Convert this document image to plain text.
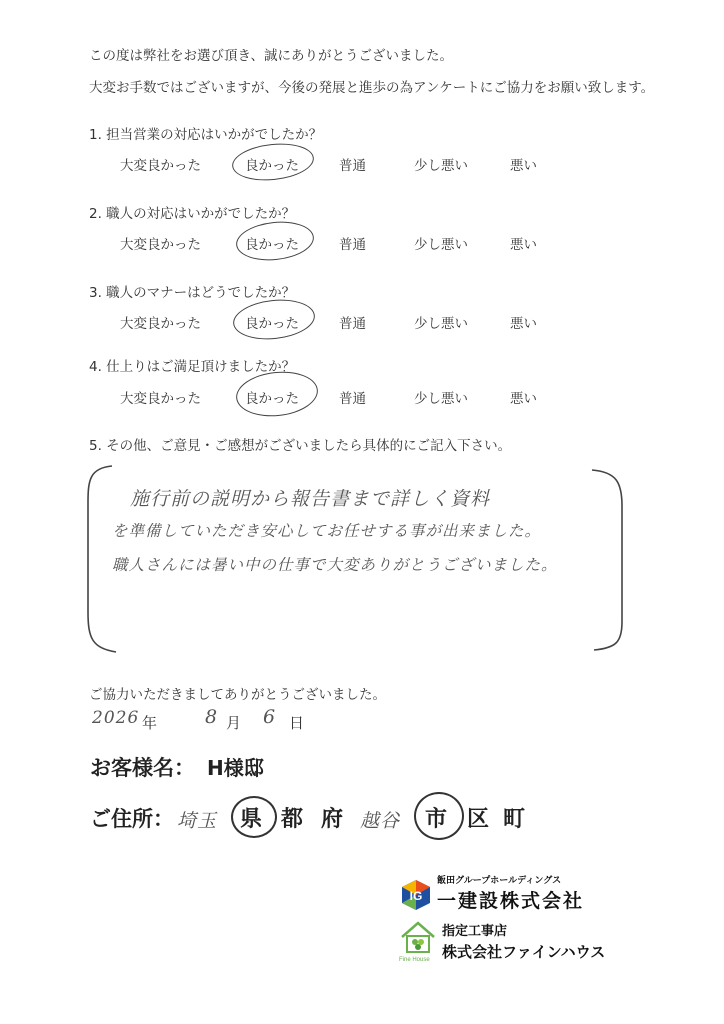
この度は弊社をお選び頂き、誠にありがとうございました。
大変お手数ではございますが、今後の発展と進歩の為アンケートにご協力をお願い致します。
1. 担当営業の対応はいかがでしたか？
大変良かった	良かった	普通	少し悪い	悪い
2. 職人の対応はいかがでしたか？
大変良かった	良かった	普通	少し悪い	悪い
3. 職人のマナーはどうでしたか？
大変良かった	良かった	普通	少し悪い	悪い
4. 仕上りはご満足頂けましたか？
大変良かった	良かった	普通	少し悪い	悪い
5. その他、ご意見・ご感想がございましたら具体的にご記入下さい。
施行前の説明から報告書まで詳しく資料
を準備していただき安心してお任せする事が出来ました。
職人さんには暑い中の仕事で大変ありがとうございました。
ご協力いただきましてありがとうございました。
2026 年	8 月 6 日
お客様名： H様邸
ご住所： 埼玉 県 都 府 越谷 市 区 町
IG
飯田グループホールディングス
一建設株式会社
Fine House
指定工事店
株式会社ファインハウス
